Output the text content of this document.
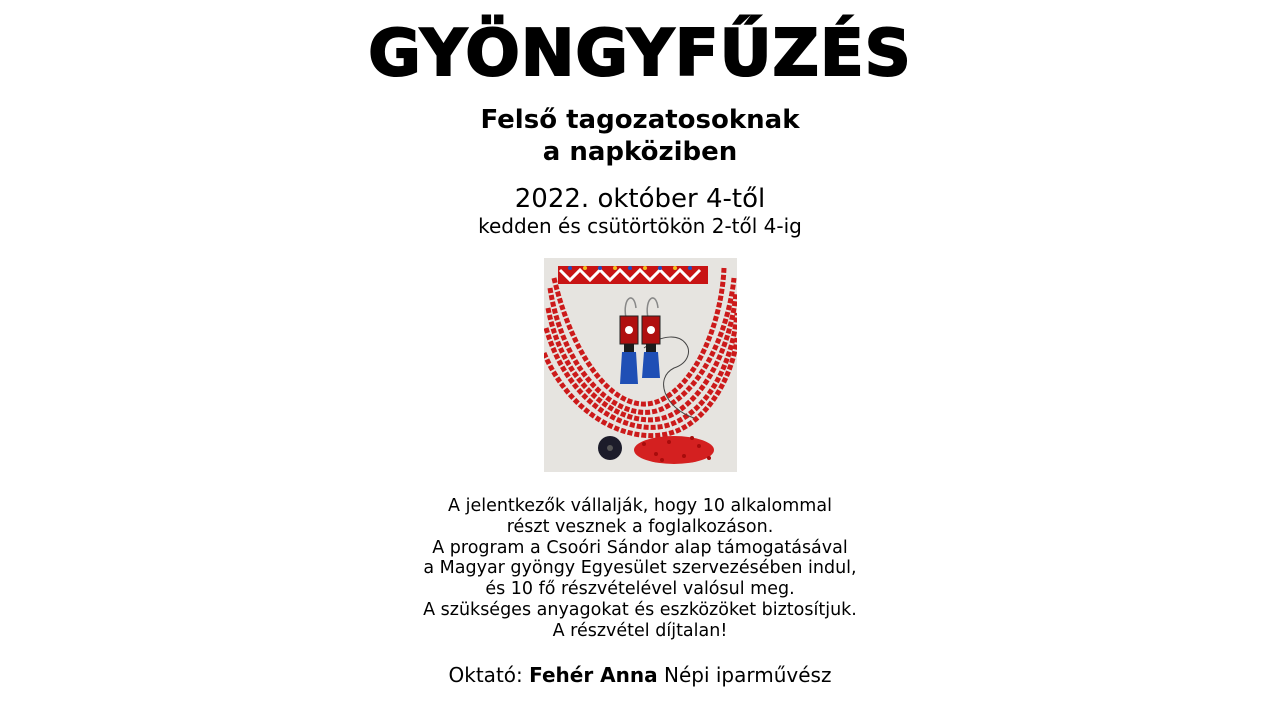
GYÖNGYFŰZÉS
Felső tagozatosoknak
a napköziben
2022. október 4-től
kedden és csütörtökön 2-től 4-ig
A jelentkezők vállalják, hogy 10 alkalommal
részt vesznek a foglalkozáson.
A program a Csoóri Sándor alap támogatásával
a Magyar gyöngy Egyesület szervezésében indul,
és 10 fő részvételével valósul meg.
A szükséges anyagokat és eszközöket biztosítjuk.
A részvétel díjtalan!
Oktató: Fehér Anna Népi iparművész
